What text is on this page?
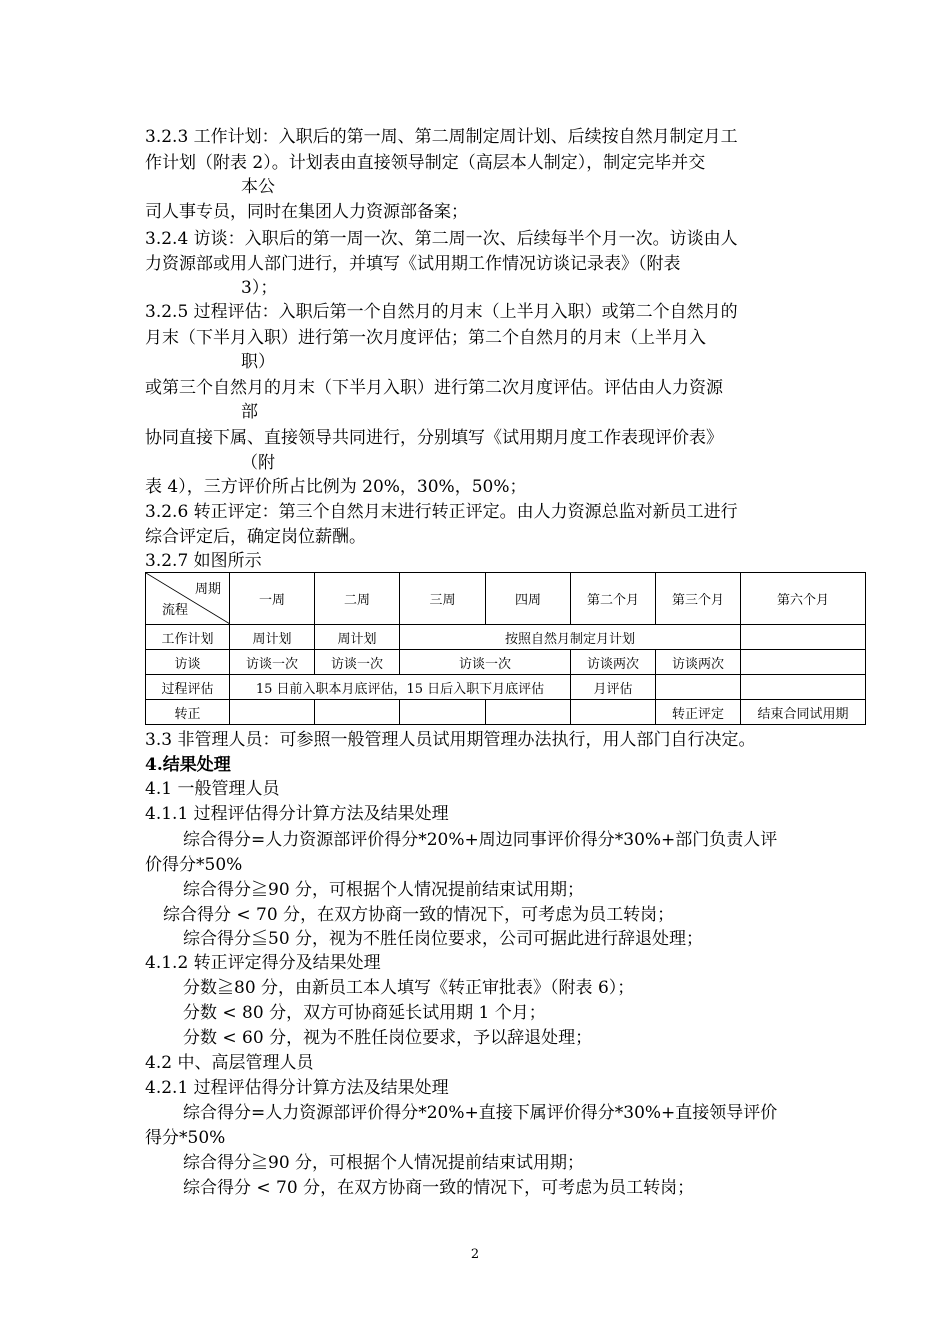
3.2.3 工作计划：入职后的第一周、第二周制定周计划、后续按自然月制定月工
作计划（附表 2）。计划表由直接领导制定（高层本人制定），制定完毕并交
本公
司人事专员，同时在集团人力资源部备案；
3.2.4 访谈：入职后的第一周一次、第二周一次、后续每半个月一次。访谈由人
力资源部或用人部门进行，并填写《试用期工作情况访谈记录表》（附表
3）；
3.2.5 过程评估：入职后第一个自然月的月末（上半月入职）或第二个自然月的
月末（下半月入职）进行第一次月度评估；第二个自然月的月末（上半月入
职）
或第三个自然月的月末（下半月入职）进行第二次月度评估。评估由人力资源
部
协同直接下属、直接领导共同进行，分别填写《试用期月度工作表现评价表》
（附
表 4），三方评价所占比例为 20%，30%，50%；
3.2.6 转正评定：第三个自然月末进行转正评定。由人力资源总监对新员工进行
综合评定后，确定岗位薪酬。
3.2.7 如图所示
周期
流程	一周	二周	三周	四周	第二个月	第三个月	第六个月
工作计划	周计划	周计划	按照自然月制定月计划				
访谈	访谈一次	访谈一次	访谈一次		访谈两次	访谈两次	
过程评估	15 日前入职本月底评估，15 日后入职下月底评估				月评估		
转正						转正评定	结束合同试用期
3.3 非管理人员：可参照一般管理人员试用期管理办法执行，用人部门自行决定。
4.结果处理
4.1 一般管理人员
4.1.1 过程评估得分计算方法及结果处理
综合得分=人力资源部评价得分*20%+周边同事评价得分*30%+部门负责人评
价得分*50%
综合得分≧90 分，可根据个人情况提前结束试用期；
综合得分 < 70 分，在双方协商一致的情况下，可考虑为员工转岗；
综合得分≦50 分，视为不胜任岗位要求，公司可据此进行辞退处理；
4.1.2 转正评定得分及结果处理
分数≧80 分，由新员工本人填写《转正审批表》（附表 6）；
分数 < 80 分，双方可协商延长试用期 1 个月；
分数 < 60 分，视为不胜任岗位要求，予以辞退处理；
4.2 中、高层管理人员
4.2.1 过程评估得分计算方法及结果处理
综合得分=人力资源部评价得分*20%+直接下属评价得分*30%+直接领导评价
得分*50%
综合得分≧90 分，可根据个人情况提前结束试用期；
综合得分 < 70 分，在双方协商一致的情况下，可考虑为员工转岗；
2
